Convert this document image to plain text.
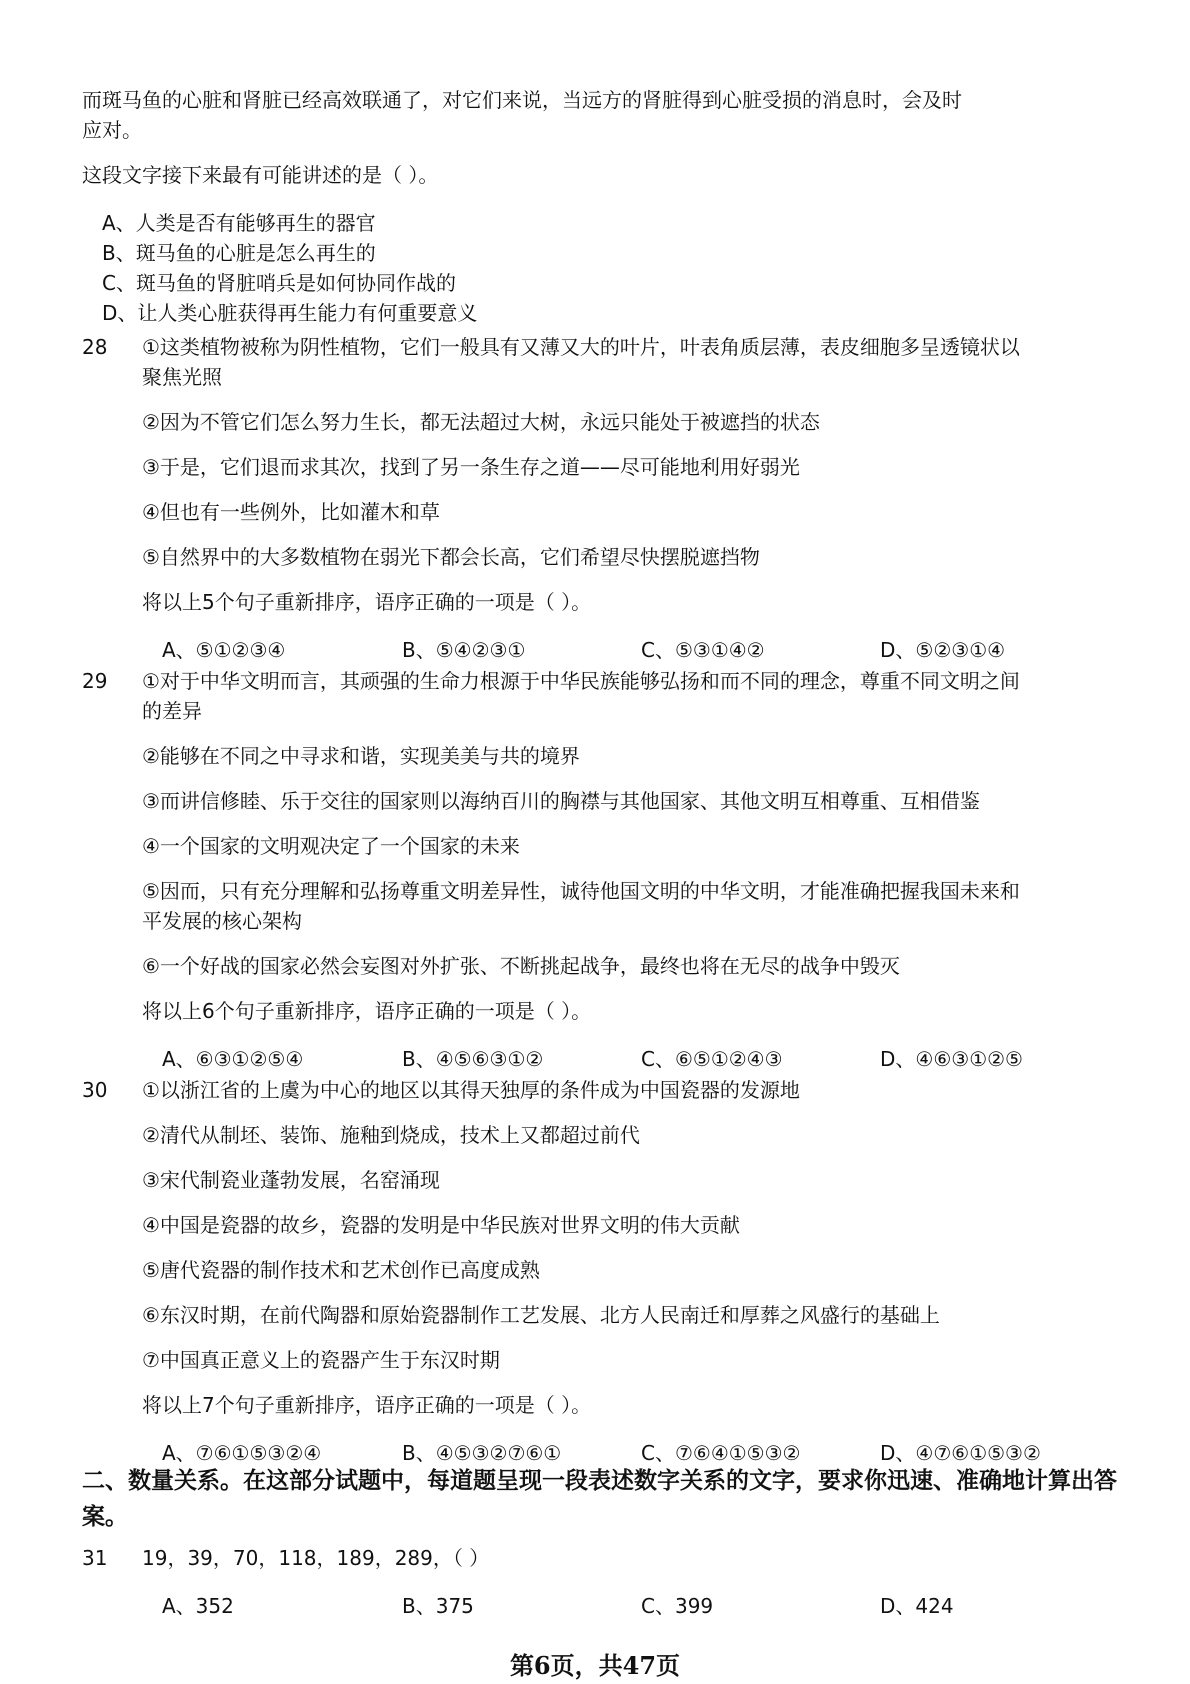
而斑马鱼的心脏和肾脏已经高效联通了，对它们来说，当远方的肾脏得到心脏受损的消息时，会及时
应对。
这段文字接下来最有可能讲述的是（ ）。
A、人类是否有能够再生的器官
B、斑马鱼的心脏是怎么再生的
C、斑马鱼的肾脏哨兵是如何协同作战的
D、让人类心脏获得再生能力有何重要意义
28 ①这类植物被称为阴性植物，它们一般具有又薄又大的叶片，叶表角质层薄，表皮细胞多呈透镜状以
聚焦光照
②因为不管它们怎么努力生长，都无法超过大树，永远只能处于被遮挡的状态
③于是，它们退而求其次，找到了另一条生存之道——尽可能地利用好弱光
④但也有一些例外，比如灌木和草
⑤自然界中的大多数植物在弱光下都会长高，它们希望尽快摆脱遮挡物
将以上5个句子重新排序，语序正确的一项是（ ）。
A、⑤①②③④	B、⑤④②③①	C、⑤③①④②	D、⑤②③①④
29 ①对于中华文明而言，其顽强的生命力根源于中华民族能够弘扬和而不同的理念，尊重不同文明之间
的差异
②能够在不同之中寻求和谐，实现美美与共的境界
③而讲信修睦、乐于交往的国家则以海纳百川的胸襟与其他国家、其他文明互相尊重、互相借鉴
④一个国家的文明观决定了一个国家的未来
⑤因而，只有充分理解和弘扬尊重文明差异性，诚待他国文明的中华文明，才能准确把握我国未来和
平发展的核心架构
⑥一个好战的国家必然会妄图对外扩张、不断挑起战争，最终也将在无尽的战争中毁灭
将以上6个句子重新排序，语序正确的一项是（ ）。
A、⑥③①②⑤④	B、④⑤⑥③①②	C、⑥⑤①②④③	D、④⑥③①②⑤
30 ①以浙江省的上虞为中心的地区以其得天独厚的条件成为中国瓷器的发源地
②清代从制坯、装饰、施釉到烧成，技术上又都超过前代
③宋代制瓷业蓬勃发展，名窑涌现
④中国是瓷器的故乡，瓷器的发明是中华民族对世界文明的伟大贡献
⑤唐代瓷器的制作技术和艺术创作已高度成熟
⑥东汉时期，在前代陶器和原始瓷器制作工艺发展、北方人民南迁和厚葬之风盛行的基础上
⑦中国真正意义上的瓷器产生于东汉时期
将以上7个句子重新排序，语序正确的一项是（ ）。
A、⑦⑥①⑤③②④	B、④⑤③②⑦⑥①	C、⑦⑥④①⑤③②	D、④⑦⑥①⑤③②
二、数量关系。在这部分试题中，每道题呈现一段表述数字关系的文字，要求你迅速、准确地计算出答案。
31 19，39，70，118，189，289，（ ）
A、352	B、375	C、399	D、424
第6页，共47页
